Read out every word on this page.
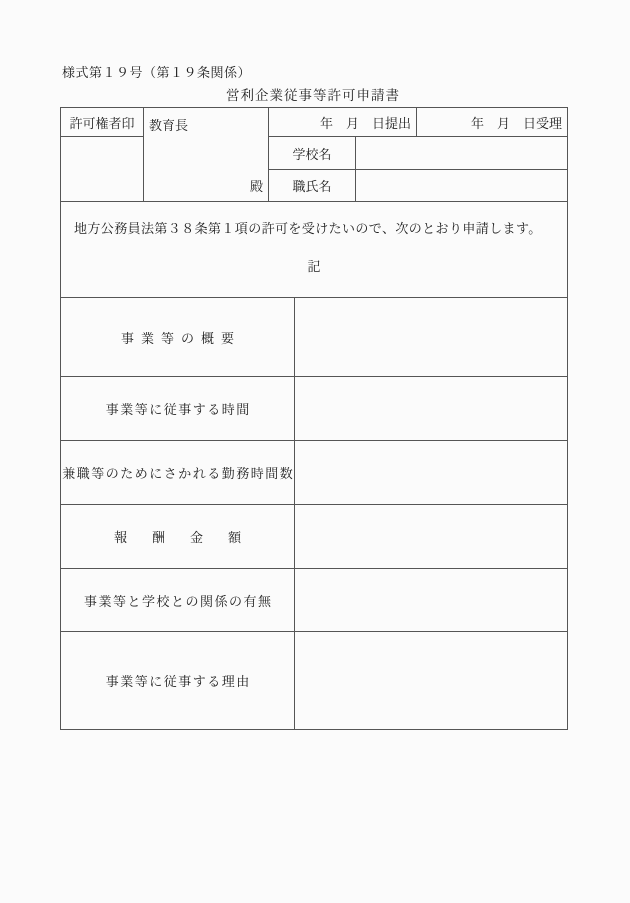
様式第１９号（第１９条関係）
営利企業従事等許可申請書
許可権者印	教育長
殿
年　月　日提出	年　月　日受理
学校名
職氏名
地方公務員法第３８条第１項の許可を受けたいので、次のとおり申請します。
記
事業等の概要
事業等に従事する時間
兼職等のためにさかれる勤務時間数
報酬金額
事業等と学校との関係の有無
事業等に従事する理由
